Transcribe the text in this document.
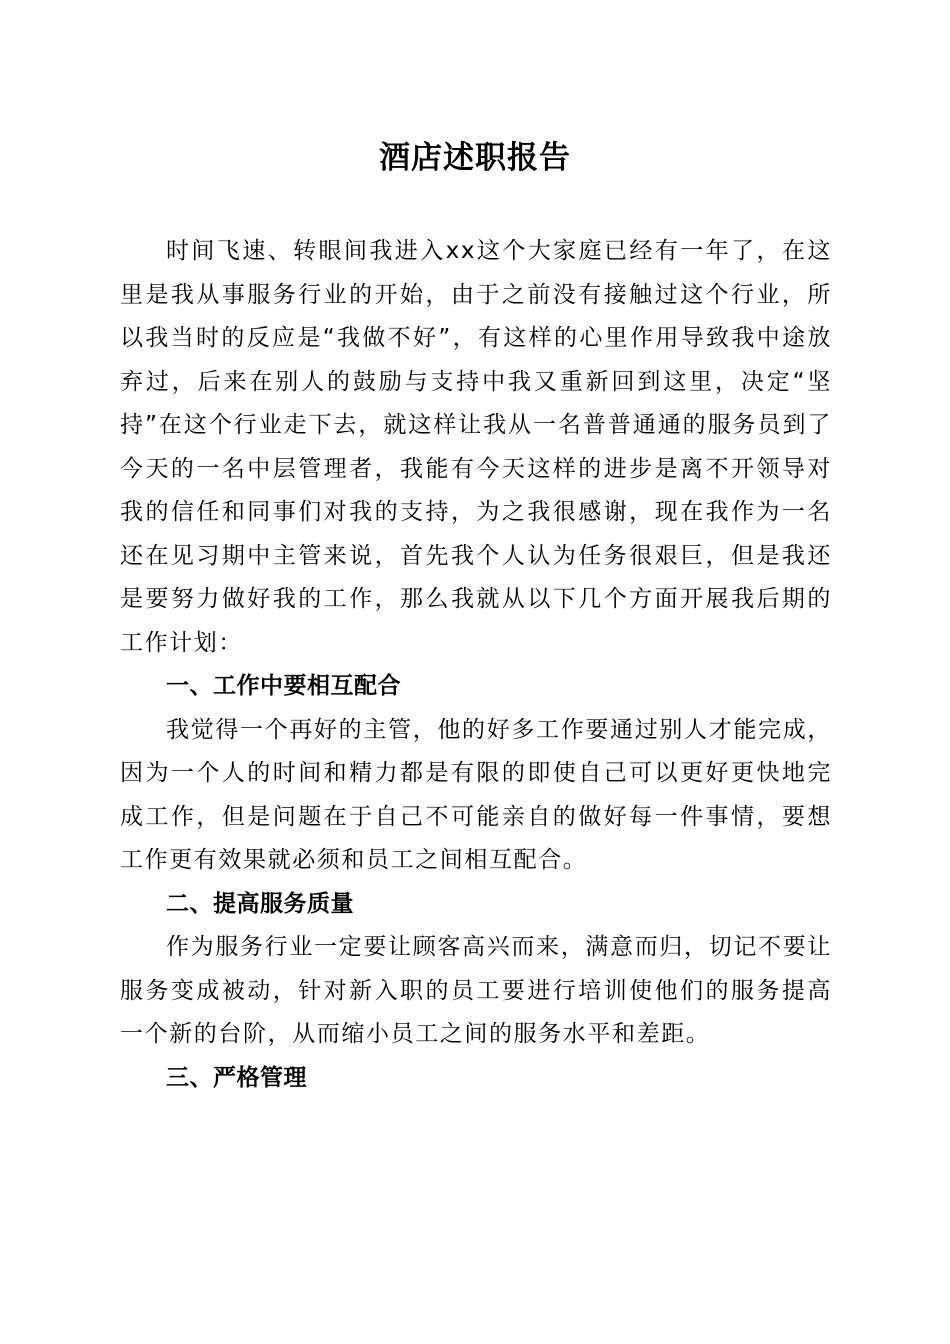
酒店述职报告

时间飞速、转眼间我进入xx这个大家庭已经有一年了，在这里是我从事服务行业的开始，由于之前没有接触过这个行业，所以我当时的反应是“我做不好”，有这样的心里作用导致我中途放弃过，后来在别人的鼓励与支持中我又重新回到这里，决定“坚持”在这个行业走下去，就这样让我从一名普普通通的服务员到了今天的一名中层管理者，我能有今天这样的进步是离不开领导对我的信任和同事们对我的支持，为之我很感谢，现在我作为一名还在见习期中主管来说，首先我个人认为任务很艰巨，但是我还是要努力做好我的工作，那么我就从以下几个方面开展我后期的工作计划：

一、工作中要相互配合

我觉得一个再好的主管，他的好多工作要通过别人才能完成，因为一个人的时间和精力都是有限的即使自己可以更好更快地完成工作，但是问题在于自己不可能亲自的做好每一件事情，要想工作更有效果就必须和员工之间相互配合。

二、提高服务质量

作为服务行业一定要让顾客高兴而来，满意而归，切记不要让服务变成被动，针对新入职的员工要进行培训使他们的服务提高一个新的台阶，从而缩小员工之间的服务水平和差距。

三、严格管理
